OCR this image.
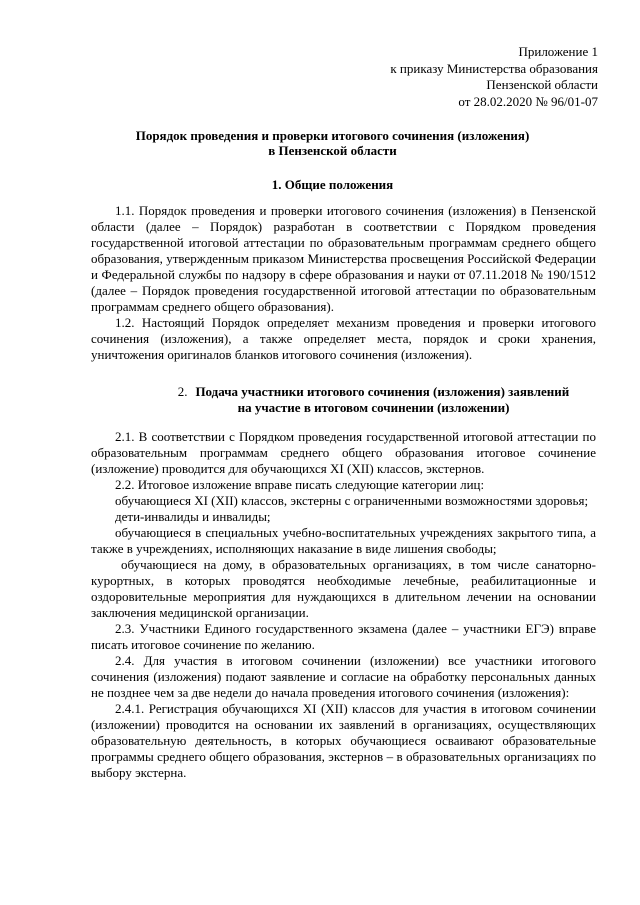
Приложение 1
к приказу Министерства образования
Пензенской области
от 28.02.2020 № 96/01-07
Порядок проведения и проверки итогового сочинения (изложения)
в Пензенской области
1. Общие положения

1.1. Порядок проведения и проверки итогового сочинения (изложения) в Пензенской области (далее – Порядок) разработан в соответствии с Порядком проведения государственной итоговой аттестации по образовательным программам среднего общего образования, утвержденным приказом Министерства просвещения Российской Федерации и Федеральной службы по надзору в сфере образования и науки от 07.11.2018 № 190/1512 (далее – Порядок проведения государственной итоговой аттестации по образовательным программам среднего общего образования).

1.2. Настоящий Порядок определяет механизм проведения и проверки итогового сочинения (изложения), а также определяет места, порядок и сроки хранения, уничтожения оригиналов бланков итогового сочинения (изложения).

2. Подача участники итогового сочинения (изложения) заявлений
на участие в итоговом сочинении (изложении)

2.1. В соответствии с Порядком проведения государственной итоговой аттестации по образовательным программам среднего общего образования итоговое сочинение (изложение) проводится для обучающихся XI (XII) классов, экстернов.

2.2. Итоговое изложение вправе писать следующие категории лиц:

обучающиеся XI (XII) классов, экстерны с ограниченными возможностями здоровья;

дети-инвалиды и инвалиды;

обучающиеся в специальных учебно-воспитательных учреждениях закрытого типа, а также в учреждениях, исполняющих наказание в виде лишения свободы;

обучающиеся на дому, в образовательных организациях, в том числе санаторно-курортных, в которых проводятся необходимые лечебные, реабилитационные и оздоровительные мероприятия для нуждающихся в длительном лечении на основании заключения медицинской организации.

2.3. Участники Единого государственного экзамена (далее – участники ЕГЭ) вправе писать итоговое сочинение по желанию.

2.4. Для участия в итоговом сочинении (изложении) все участники итогового сочинения (изложения) подают заявление и согласие на обработку персональных данных не позднее чем за две недели до начала проведения итогового сочинения (изложения):

2.4.1. Регистрация обучающихся XI (XII) классов для участия в итоговом сочинении (изложении) проводится на основании их заявлений в организациях, осуществляющих образовательную деятельность, в которых обучающиеся осваивают образовательные программы среднего общего образования, экстернов – в образовательных организациях по выбору экстерна.
